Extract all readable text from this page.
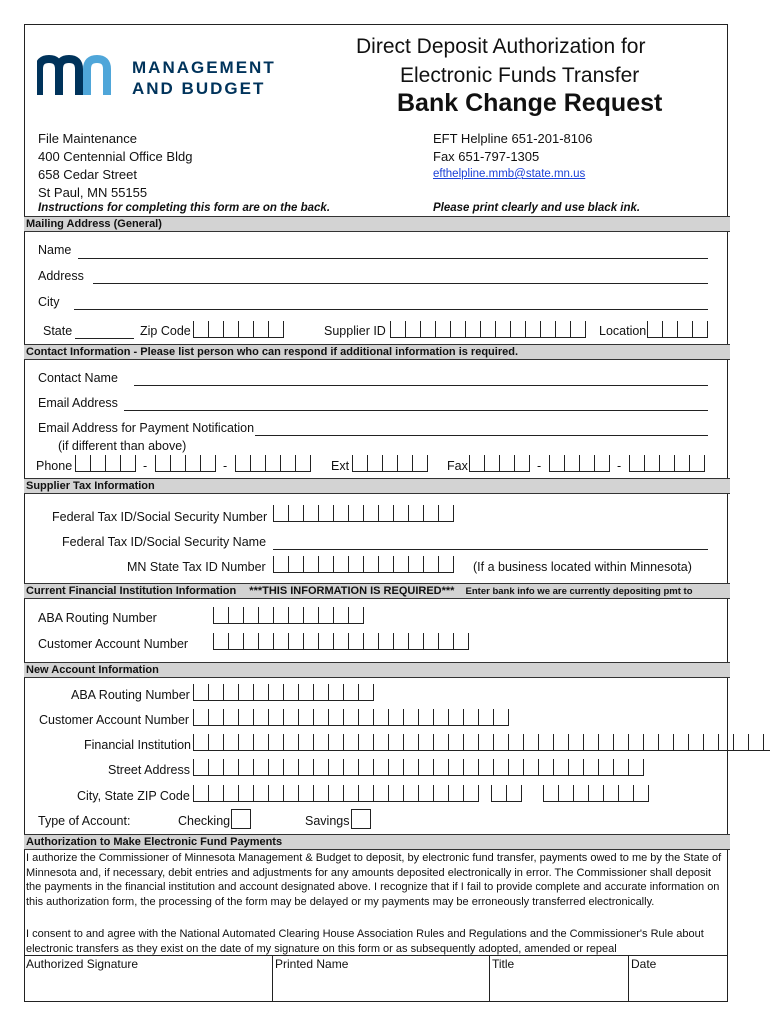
MANAGEMENT
AND BUDGET
Direct Deposit Authorization for
Electronic Funds Transfer
Bank Change Request
File Maintenance
400 Centennial Office Bldg
658 Cedar Street
St Paul, MN 55155
EFT Helpline 651-201-8106
Fax 651-797-1305
efthelpline.mmb@state.mn.us
Instructions for completing this form are on the back.	Please print clearly and use black ink.
Mailing Address (General)
Name
Address
City
State	Zip Code	Supplier ID	Location
Contact Information - Please list person who can respond if additional information is required.
Contact Name
Email Address
Email Address for Payment Notification
(if different than above)
Phone	-	-	Ext	Fax	-	-
Supplier Tax Information
Federal Tax ID/Social Security Number
Federal Tax ID/Social Security Name
MN State Tax ID Number	(If a business located within Minnesota)
Current Financial Institution Information ***THIS INFORMATION IS REQUIRED*** Enter bank info we are currently depositing pmt to
ABA Routing Number
Customer Account Number
New Account Information
ABA Routing Number
Customer Account Number
Financial Institution
Street Address
City, State ZIP Code
Type of Account:	Checking	Savings
Authorization to Make Electronic Fund Payments
I authorize the Commissioner of Minnesota Management & Budget to deposit, by electronic fund transfer, payments owed to me by the State of Minnesota and, if necessary, debit entries and adjustments for any amounts deposited electronically in error. The Commissioner shall deposit the payments in the financial institution and account designated above. I recognize that if I fail to provide complete and accurate information on this authorization form, the processing of the form may be delayed or my payments may be erroneously transferred electronically.
I consent to and agree with the National Automated Clearing House Association Rules and Regulations and the Commissioner's Rule about electronic transfers as they exist on the date of my signature on this form or as subsequently adopted, amended or repeal
Authorized Signature	Printed Name	Title	Date
